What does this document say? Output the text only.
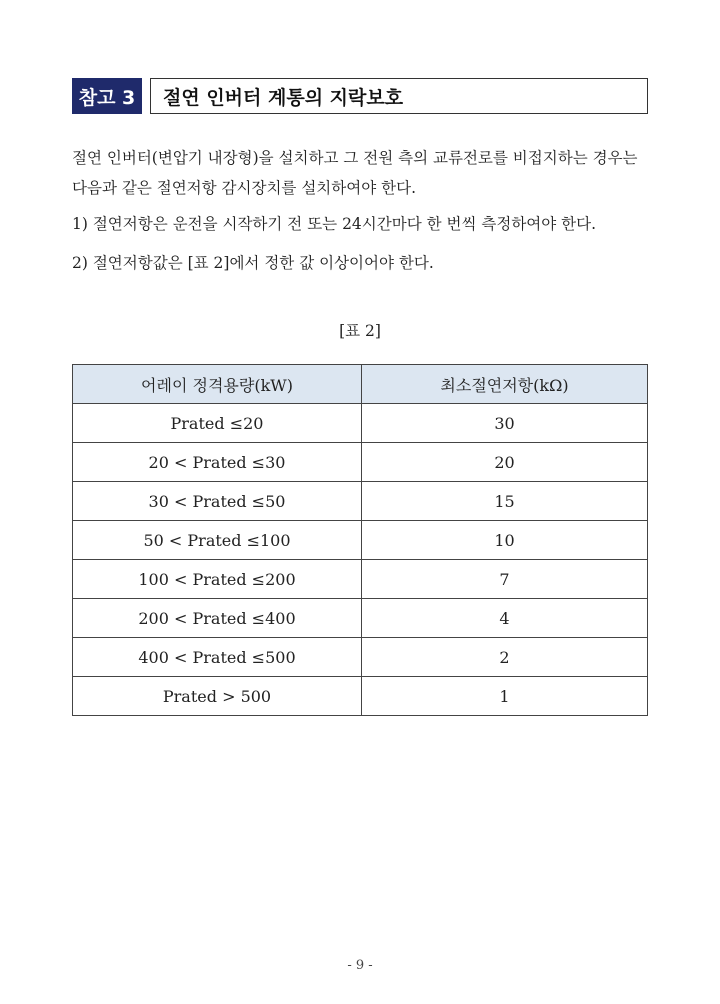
참고 3	절연 인버터 계통의 지락보호
절연 인버터(변압기 내장형)을 설치하고 그 전원 측의 교류전로를 비접지하는 경우는 다음과 같은 절연저항 감시장치를 설치하여야 한다.
1) 절연저항은 운전을 시작하기 전 또는 24시간마다 한 번씩 측정하여야 한다.
2) 절연저항값은 [표 2]에서 정한 값 이상이어야 한다.
[표 2]
어레이 정격용량(kW)	최소절연저항(kΩ)
Prated ≤20	30
20 < Prated ≤30	20
30 < Prated ≤50	15
50 < Prated ≤100	10
100 < Prated ≤200	7
200 < Prated ≤400	4
400 < Prated ≤500	2
Prated > 500	1
- 9 -
